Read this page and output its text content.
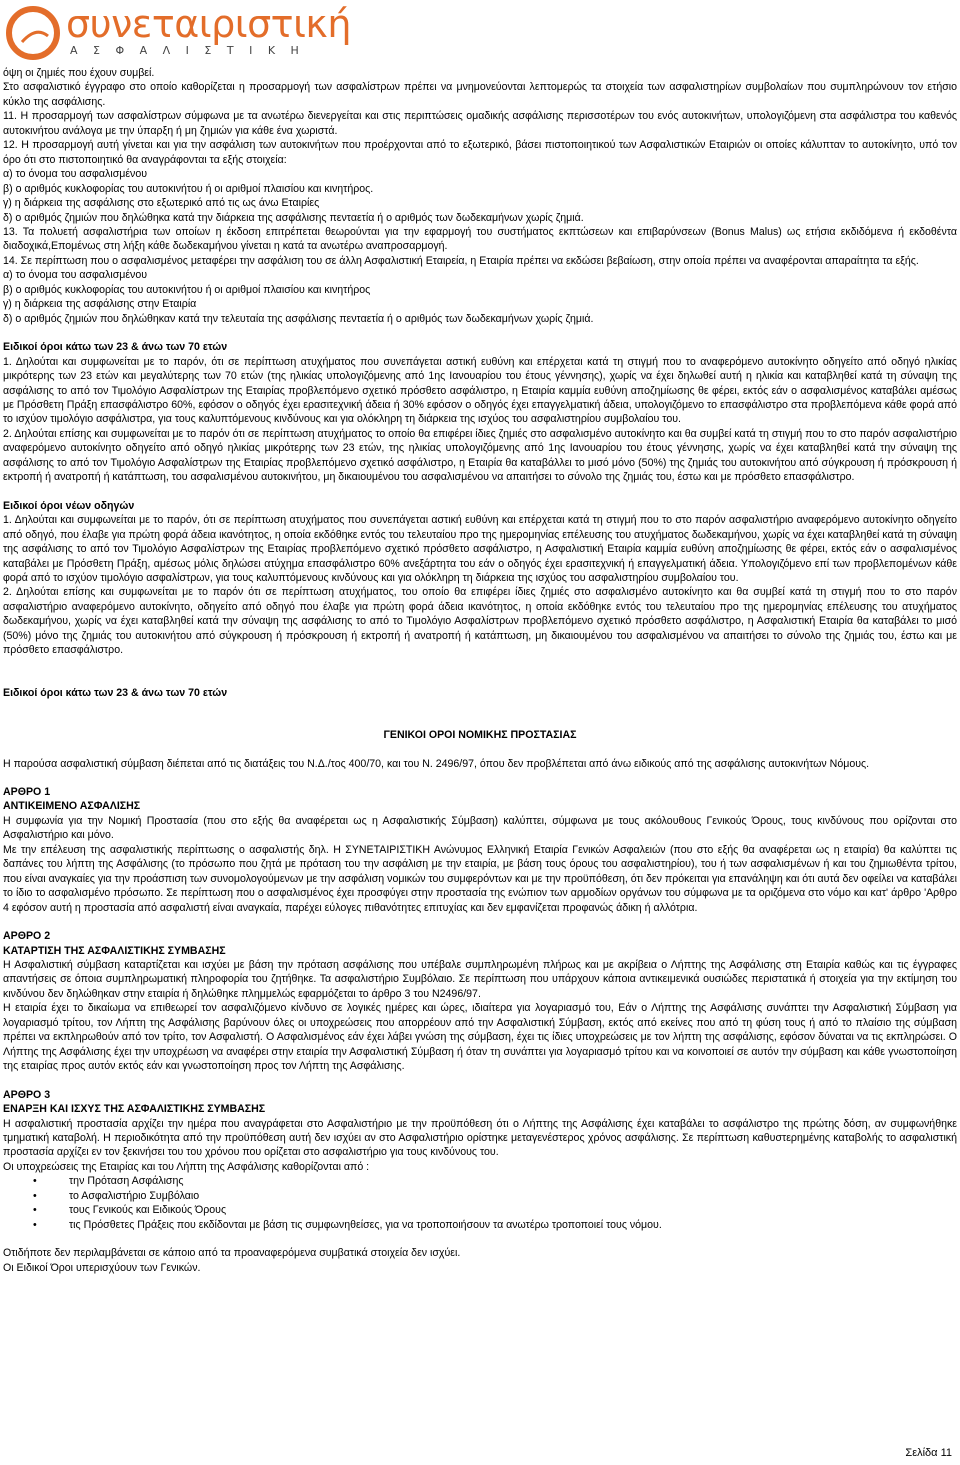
συνεταιριστική
ΑΣΦΑΛΙΣΤΙΚΗ

όψη οι ζημιές που έχουν συμβεί.

Στο ασφαλιστικό έγγραφο στο οποίο καθορίζεται η προσαρμογή των ασφαλίστρων πρέπει να μνημονεύονται λεπτομερώς τα στοιχεία των ασφαλιστηρίων συμβολαίων που συμπληρώνουν τον ετήσιο κύκλο της ασφάλισης.

11. Η προσαρμογή των ασφαλίστρων σύμφωνα με τα ανωτέρω διενεργείται και στις περιπτώσεις ομαδικής ασφάλισης περισσοτέρων του ενός αυτοκινήτων, υπολογιζόμενη στα ασφάλιστρα του καθενός αυτοκινήτου ανάλογα με την ύπαρξη ή μη ζημιών για κάθε ένα χωριστά.

12. Η προσαρμογή αυτή γίνεται και για την ασφάλιση των αυτοκινήτων που προέρχονται από το εξωτερικό, βάσει πιστοποιητικού των Ασφαλιστικών Εταιριών οι οποίες κάλυπταν το αυτοκίνητο, υπό τον όρο ότι στο πιστοποιητικό θα αναγράφονται τα εξής στοιχεία:

α) το όνομα του ασφαλισμένου

β) ο αριθμός κυκλοφορίας του αυτοκινήτου ή οι αριθμοί πλαισίου και κινητήρος.

γ) η διάρκεια της ασφάλισης στο εξωτερικό από τις ως άνω Εταιρίες

δ) ο αριθμός ζημιών που δηλώθηκα κατά την διάρκεια της ασφάλισης πενταετία ή ο αριθμός των δωδεκαμήνων χωρίς ζημιά.

13. Τα πολυετή ασφαλιστήρια των οποίων η έκδοση επιτρέπεται θεωρούνται για την εφαρμογή του συστήματος εκπτώσεων και επιβαρύνσεων (Bonus Malus) ως ετήσια εκδιδόμενα ή εκδοθέντα διαδοχικά,Επομένως στη λήξη κάθε δωδεκαμήνου γίνεται η κατά τα ανωτέρω αναπροσαρμογή.

14. Σε περίπτωση που ο ασφαλισμένος μεταφέρει την ασφάλιση του σε άλλη Ασφαλιστική Εταιρεία, η Εταιρία πρέπει να εκδώσει βεβαίωση, στην οποία πρέπει να αναφέρονται απαραίτητα τα εξής.

α) το όνομα του ασφαλισμένου

β) ο αριθμός κυκλοφορίας του αυτοκινήτου ή οι αριθμοί πλαισίου και κινητήρος

γ) η διάρκεια της ασφάλισης στην Εταιρία

δ) ο αριθμός ζημιών που δηλώθηκαν κατά την τελευταία της ασφάλισης πενταετία ή ο αριθμός των δωδεκαμήνων χωρίς ζημιά.

Ειδικοί όροι κάτω των 23 & άνω των 70 ετών

1. Δηλούται και συμφωνείται με το παρόν, ότι σε περίπτωση ατυχήματος που συνεπάγεται αστική ευθύνη και επέρχεται κατά τη στιγμή που το αναφερόμενο αυτοκίνητο οδηγείτο από οδηγό ηλικίας μικρότερης των 23 ετών και μεγαλύτερης των 70 ετών (της ηλικίας υπολογιζόμενης από 1ης Ιανουαρίου του έτους γέννησης), χωρίς να έχει δηλωθεί αυτή η ηλικία και καταβληθεί κατά τη σύναψη της ασφάλισης το από τον Τιμολόγιο Ασφαλίστρων της Εταιρίας προβλεπόμενο σχετικό πρόσθετο ασφάλιστρο, η Εταιρία καμμία ευθύνη αποζημίωσης θε φέρει, εκτός εάν ο ασφαλισμένος καταβάλει αμέσως με Πρόσθετη Πράξη επασφάλιστρο 60%, εφόσον ο οδηγός έχει ερασιτεχνική άδεια ή 30% εφόσον ο οδηγός έχει επαγγελματική άδεια, υπολογιζόμενο το επασφάλιστρο στα προβλεπόμενα κάθε φορά από το ισχύον τιμολόγιο ασφάλιστρα, για τους καλυπτόμενους κινδύνους και για ολόκληρη τη διάρκεια της ισχύος του ασφαλιστηρίου συμβολαίου του.

2. Δηλούται επίσης και συμφωνείται με το παρόν ότι σε περίπτωση ατυχήματος το οποίο θα επιφέρει ίδιες ζημιές στο ασφαλισμένο αυτοκίνητο και θα συμβεί κατά τη στιγμή που το στο παρόν ασφαλιστήριο αναφερόμενο αυτοκίνητο οδηγείτο από οδηγό ηλικίας μικρότερης των 23 ετών, της ηλικίας υπολογιζόμενης από 1ης Ιανουαρίου του έτους γέννησης, χωρίς να έχει καταβληθεί κατά την σύναψη της ασφάλισης το από τον Τιμολόγιο Ασφαλίστρων της Εταιρίας προβλεπόμενο σχετικό ασφάλιστρο, η Εταιρία θα καταβάλλει το μισό μόνο (50%) της ζημιάς του αυτοκινήτου από σύγκρουση ή πρόσκρουση ή εκτροπή ή ανατροπή ή κατάπτωση, του ασφαλισμένου αυτοκινήτου, μη δικαιουμένου του ασφαλισμένου να απαιτήσει το σύνολο της ζημιάς του, έστω και με πρόσθετο επασφάλιστρο.

Ειδικοί όροι νέων οδηγών

1. Δηλούται και συμφωνείται με το παρόν, ότι σε περίπτωση ατυχήματος που συνεπάγεται αστική ευθύνη και επέρχεται κατά τη στιγμή που το στο παρόν ασφαλιστήριο αναφερόμενο αυτοκίνητο οδηγείτο από οδηγό, που έλαβε για πρώτη φορά άδεια ικανότητος, η οποία εκδόθηκε εντός του τελευταίου προ της ημερομηνίας επέλευσης του ατυχήματος δωδεκαμήνου, χωρίς να έχει καταβληθεί κατά τη σύναψη της ασφάλισης το από τον Τιμολόγιο Ασφαλίστρων της Εταιρίας προβλεπόμενο σχετικό πρόσθετο ασφάλιστρο, η Ασφαλιστική Εταιρία καμμία ευθύνη αποζημίωσης θε φέρει, εκτός εάν ο ασφαλισμένος καταβάλει με Πρόσθετη Πράξη, αμέσως μόλις δηλώσει ατύχημα επασφάλιστρο 60% ανεξάρτητα του εάν ο οδηγός έχει ερασιτεχνική ή επαγγελματική άδεια. Υπολογιζόμενο επί των προβλεπομένων κάθε φορά από το ισχύον τιμολόγιο ασφαλίστρων, για τους καλυπτόμενους κινδύνους και για ολόκληρη τη διάρκεια της ισχύος του ασφαλιστηρίου συμβολαίου του.

2. Δηλούται επίσης και συμφωνείται με το παρόν ότι σε περίπτωση ατυχήματος, του οποίο θα επιφέρει ίδιες ζημιές στο ασφαλισμένο αυτοκίνητο και θα συμβεί κατά τη στιγμή που το στο παρόν ασφαλιστήριο αναφερόμενο αυτοκίνητο, οδηγείτο από οδηγό που έλαβε για πρώτη φορά άδεια ικανότητος, η οποία εκδόθηκε εντός του τελευταίου προ της ημερομηνίας επέλευσης του ατυχήματος δωδεκαμήνου, χωρίς να έχει καταβληθεί κατά την σύναψη της ασφάλισης το από το Τιμολόγιο Ασφαλίστρων προβλεπόμενο σχετικό πρόσθετο ασφάλιστρο, η Ασφαλιστική Εταιρία θα καταβάλει το μισό (50%) μόνο της ζημιάς του αυτοκινήτου από σύγκρουση ή πρόσκρουση ή εκτροπή ή ανατροπή ή κατάπτωση, μη δικαιουμένου του ασφαλισμένου να απαιτήσει το σύνολο της ζημιάς του, έστω και με πρόσθετο επασφάλιστρο.

Ειδικοί όροι κάτω των 23 & άνω των 70 ετών

ΓΕΝΙΚΟΙ ΟΡΟΙ ΝΟΜΙΚΗΣ ΠΡΟΣΤΑΣΙΑΣ

Η παρούσα ασφαλιστική σύμβαση διέπεται από τις διατάξεις του Ν.Δ./τος 400/70, και του Ν. 2496/97, όπου δεν προβλέπεται από άνω ειδικούς από της ασφάλισης αυτοκινήτων Νόμους.

ΑΡΘΡΟ 1
ΑΝΤΙΚΕΙΜΕΝΟ ΑΣΦΑΛΙΣΗΣ

Η συμφωνία για την Νομική Προστασία (που στο εξής θα αναφέρεται ως η Ασφαλιστικής Σύμβαση) καλύπτει, σύμφωνα με τους ακόλουθους Γενικούς Όρους, τους κινδύνους που ορίζονται στο Ασφαλιστήριο και μόνο.

Με την επέλευση της ασφαλιστικής περίπτωσης ο ασφαλιστής δηλ. Η ΣΥΝΕΤΑΙΡΙΣΤΙΚΗ Ανώνυμος Ελληνική Εταιρία Γενικών Ασφαλειών (που στο εξής θα αναφέρεται ως η εταιρία) θα καλύπτει τις δαπάνες του λήπτη της Ασφάλισης (το πρόσωπο που ζητά με πρόταση του την ασφάλιση με την εταιρία, με βάση τους όρους του ασφαλιστηρίου), του ή των ασφαλισμένων ή και του ζημιωθέντα τρίτου, που είναι αναγκαίες για την προάσπιση των συνομολογούμενων με την ασφάλιση νομικών του συμφερόντων και με την προϋπόθεση, ότι δεν πρόκειται για επανάληψη και ότι αυτά δεν οφείλει να καταβάλει το ίδιο το ασφαλισμένο πρόσωπο. Σε περίπτωση που ο ασφαλισμένος έχει προσφύγει στην προστασία της ενώπιον των αρμοδίων οργάνων του σύμφωνα με τα οριζόμενα στο νόμο και κατ' άρθρο 'Αρθρο 4 εφόσον αυτή η προστασία από ασφαλιστή είναι αναγκαία, παρέχει εύλογες πιθανότητες επιτυχίας και δεν εμφανίζεται προφανώς άδικη ή αλλότρια.

ΑΡΘΡΟ 2
ΚΑΤΑΡΤΙΣΗ ΤΗΣ ΑΣΦΑΛΙΣΤΙΚΗΣ ΣΥΜΒΑΣΗΣ

Η Ασφαλιστική σύμβαση καταρτίζεται και ισχύει με βάση την πρόταση ασφάλισης που υπέβαλε συμπληρωμένη πλήρως και με ακρίβεια ο Λήπτης της Ασφάλισης στη Εταιρία καθώς και τις έγγραφες απαντήσεις σε όποια συμπληρωματική πληροφορία του ζητήθηκε. Τα ασφαλιστήριο Συμβόλαιο. Σε περίπτωση που υπάρχουν κάποια αντικειμενικά ουσιώδες περιστατικά ή στοιχεία για την εκτίμηση του κινδύνου δεν δηλώθηκαν στην εταιρία ή δηλώθηκε πλημμελώς εφαρμόζεται το άρθρο 3 του Ν2496/97.

Η εταιρία έχει το δικαίωμα να επιθεωρεί τον ασφαλιζόμενο κίνδυνο σε λογικές ημέρες και ώρες, ιδιαίτερα για λογαριασμό του, Εάν ο Λήπτης της Ασφάλισης συνάπτει την Ασφαλιστική Σύμβαση για λογαριασμό τρίτου, τον Λήπτη της Ασφάλισης βαρύνουν όλες οι υποχρεώσεις που απορρέουν από την Ασφαλιστική Σύμβαση, εκτός από εκείνες που από τη φύση τους ή από το πλαίσιο της σύμβαση πρέπει να εκπληρωθούν από τον τρίτο, τον Ασφαλιστή. Ο Ασφαλισμένος εάν έχει λάβει γνώση της σύμβαση, έχει τις ίδιες υποχρεώσεις με τον λήπτη της ασφάλισης, εφόσον δύναται να τις εκπληρώσει. Ο Λήπτης της Ασφάλισης έχει την υποχρέωση να αναφέρει στην εταιρία την Ασφαλιστική Σύμβαση ή όταν τη συνάπτει για λογαριασμό τρίτου και να κοινοποιεί σε αυτόν την σύμβαση και κάθε γνωστοποίηση της εταιρίας προς αυτόν εκτός εάν και γνωστοποίηση προς τον Λήπτη της Ασφάλισης.

ΑΡΘΡΟ 3
ΕΝΑΡΞΗ ΚΑΙ ΙΣΧΥΣ ΤΗΣ ΑΣΦΑΛΙΣΤΙΚΗΣ ΣΥΜΒΑΣΗΣ

Η ασφαλιστική προστασία αρχίζει την ημέρα που αναγράφεται στο Ασφαλιστήριο με την προϋπόθεση ότι ο Λήπτης της Ασφάλισης έχει καταβάλει το ασφάλιστρο της πρώτης δόση, αν συμφωνήθηκε τμηματική καταβολή. Η περιοδικότητα από την προϋπόθεση αυτή δεν ισχύει αν στο Ασφαλιστήριο ορίστηκε μεταγενέστερος χρόνος ασφάλισης. Σε περίπτωση καθυστερημένης καταβολής το ασφαλιστική προστασία αρχίζει εν τον ξεκινήσει του του χρόνου που ορίζεται στο ασφαλιστήριο για τους κινδύνους του.

Οι υποχρεώσεις της Εταιρίας και του Λήπτη της Ασφάλισης καθορίζονται από :

• την Πρόταση Ασφάλισης
• το Ασφαλιστήριο Συμβόλαιο
• τους Γενικούς και Ειδικούς Όρους
• τις Πρόσθετες Πράξεις που εκδίδονται με βάση τις συμφωνηθείσες, για να τροποποιήσουν τα ανωτέρω τροποποιεί τους νόμου.

Οτιδήποτε δεν περιλαμβάνεται σε κάποιο από τα προαναφερόμενα συμβατικά στοιχεία δεν ισχύει.

Οι Ειδικοί Όροι υπερισχύουν των Γενικών.

Σελίδα 11
